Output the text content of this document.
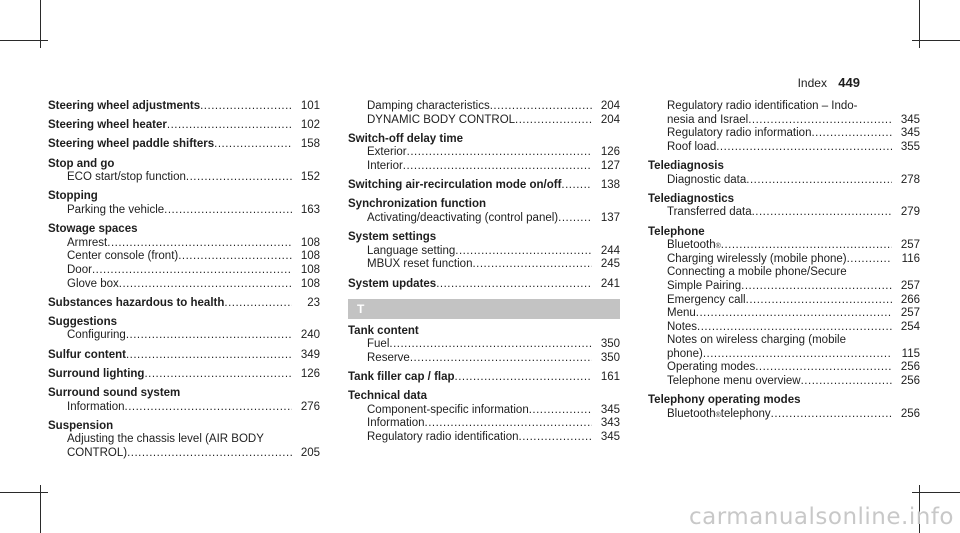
Index 449
Steering wheel adjustments .....	101
Steering wheel heater .....	102
Steering wheel paddle shifters .....	158
Stop and go
ECO start/stop function .....	152
Stopping
Parking the vehicle .....	163
Stowage spaces
Armrest .....	108
Center console (front) .....	108
Door .....	108
Glove box .....	108
Substances hazardous to health .....	23
Suggestions
Configuring .....	240
Sulfur content .....	349
Surround lighting .....	126
Surround sound system
Information .....	276
Suspension
Adjusting the chassis level (AIR BODY
CONTROL) .....	205
Damping characteristics .....	204
DYNAMIC BODY CONTROL .....	204
Switch-off delay time
Exterior .....	126
Interior .....	127
Switching air-recirculation mode on/off .....	138
Synchronization function
Activating/deactivating (control panel) .....	137
System settings
Language setting .....	244
MBUX reset function .....	245
System updates .....	241
T
Tank content
Fuel .....	350
Reserve .....	350
Tank filler cap / flap .....	161
Technical data
Component-specific information .....	345
Information .....	343
Regulatory radio identification .....	345
Regulatory radio identification – Indo-
nesia and Israel .....	345
Regulatory radio information .....	345
Roof load .....	355
Telediagnosis
Diagnostic data .....	278
Telediagnostics
Transferred data .....	279
Telephone
Bluetooth ® .....	257
Charging wirelessly (mobile phone) .....	116
Connecting a mobile phone/Secure
Simple Pairing .....	257
Emergency call .....	266
Menu .....	257
Notes .....	254
Notes on wireless charging (mobile
phone) .....	115
Operating modes .....	256
Telephone menu overview .....	256
Telephony operating modes
Bluetooth ® telephony .....	256
carmanualsonline.info
